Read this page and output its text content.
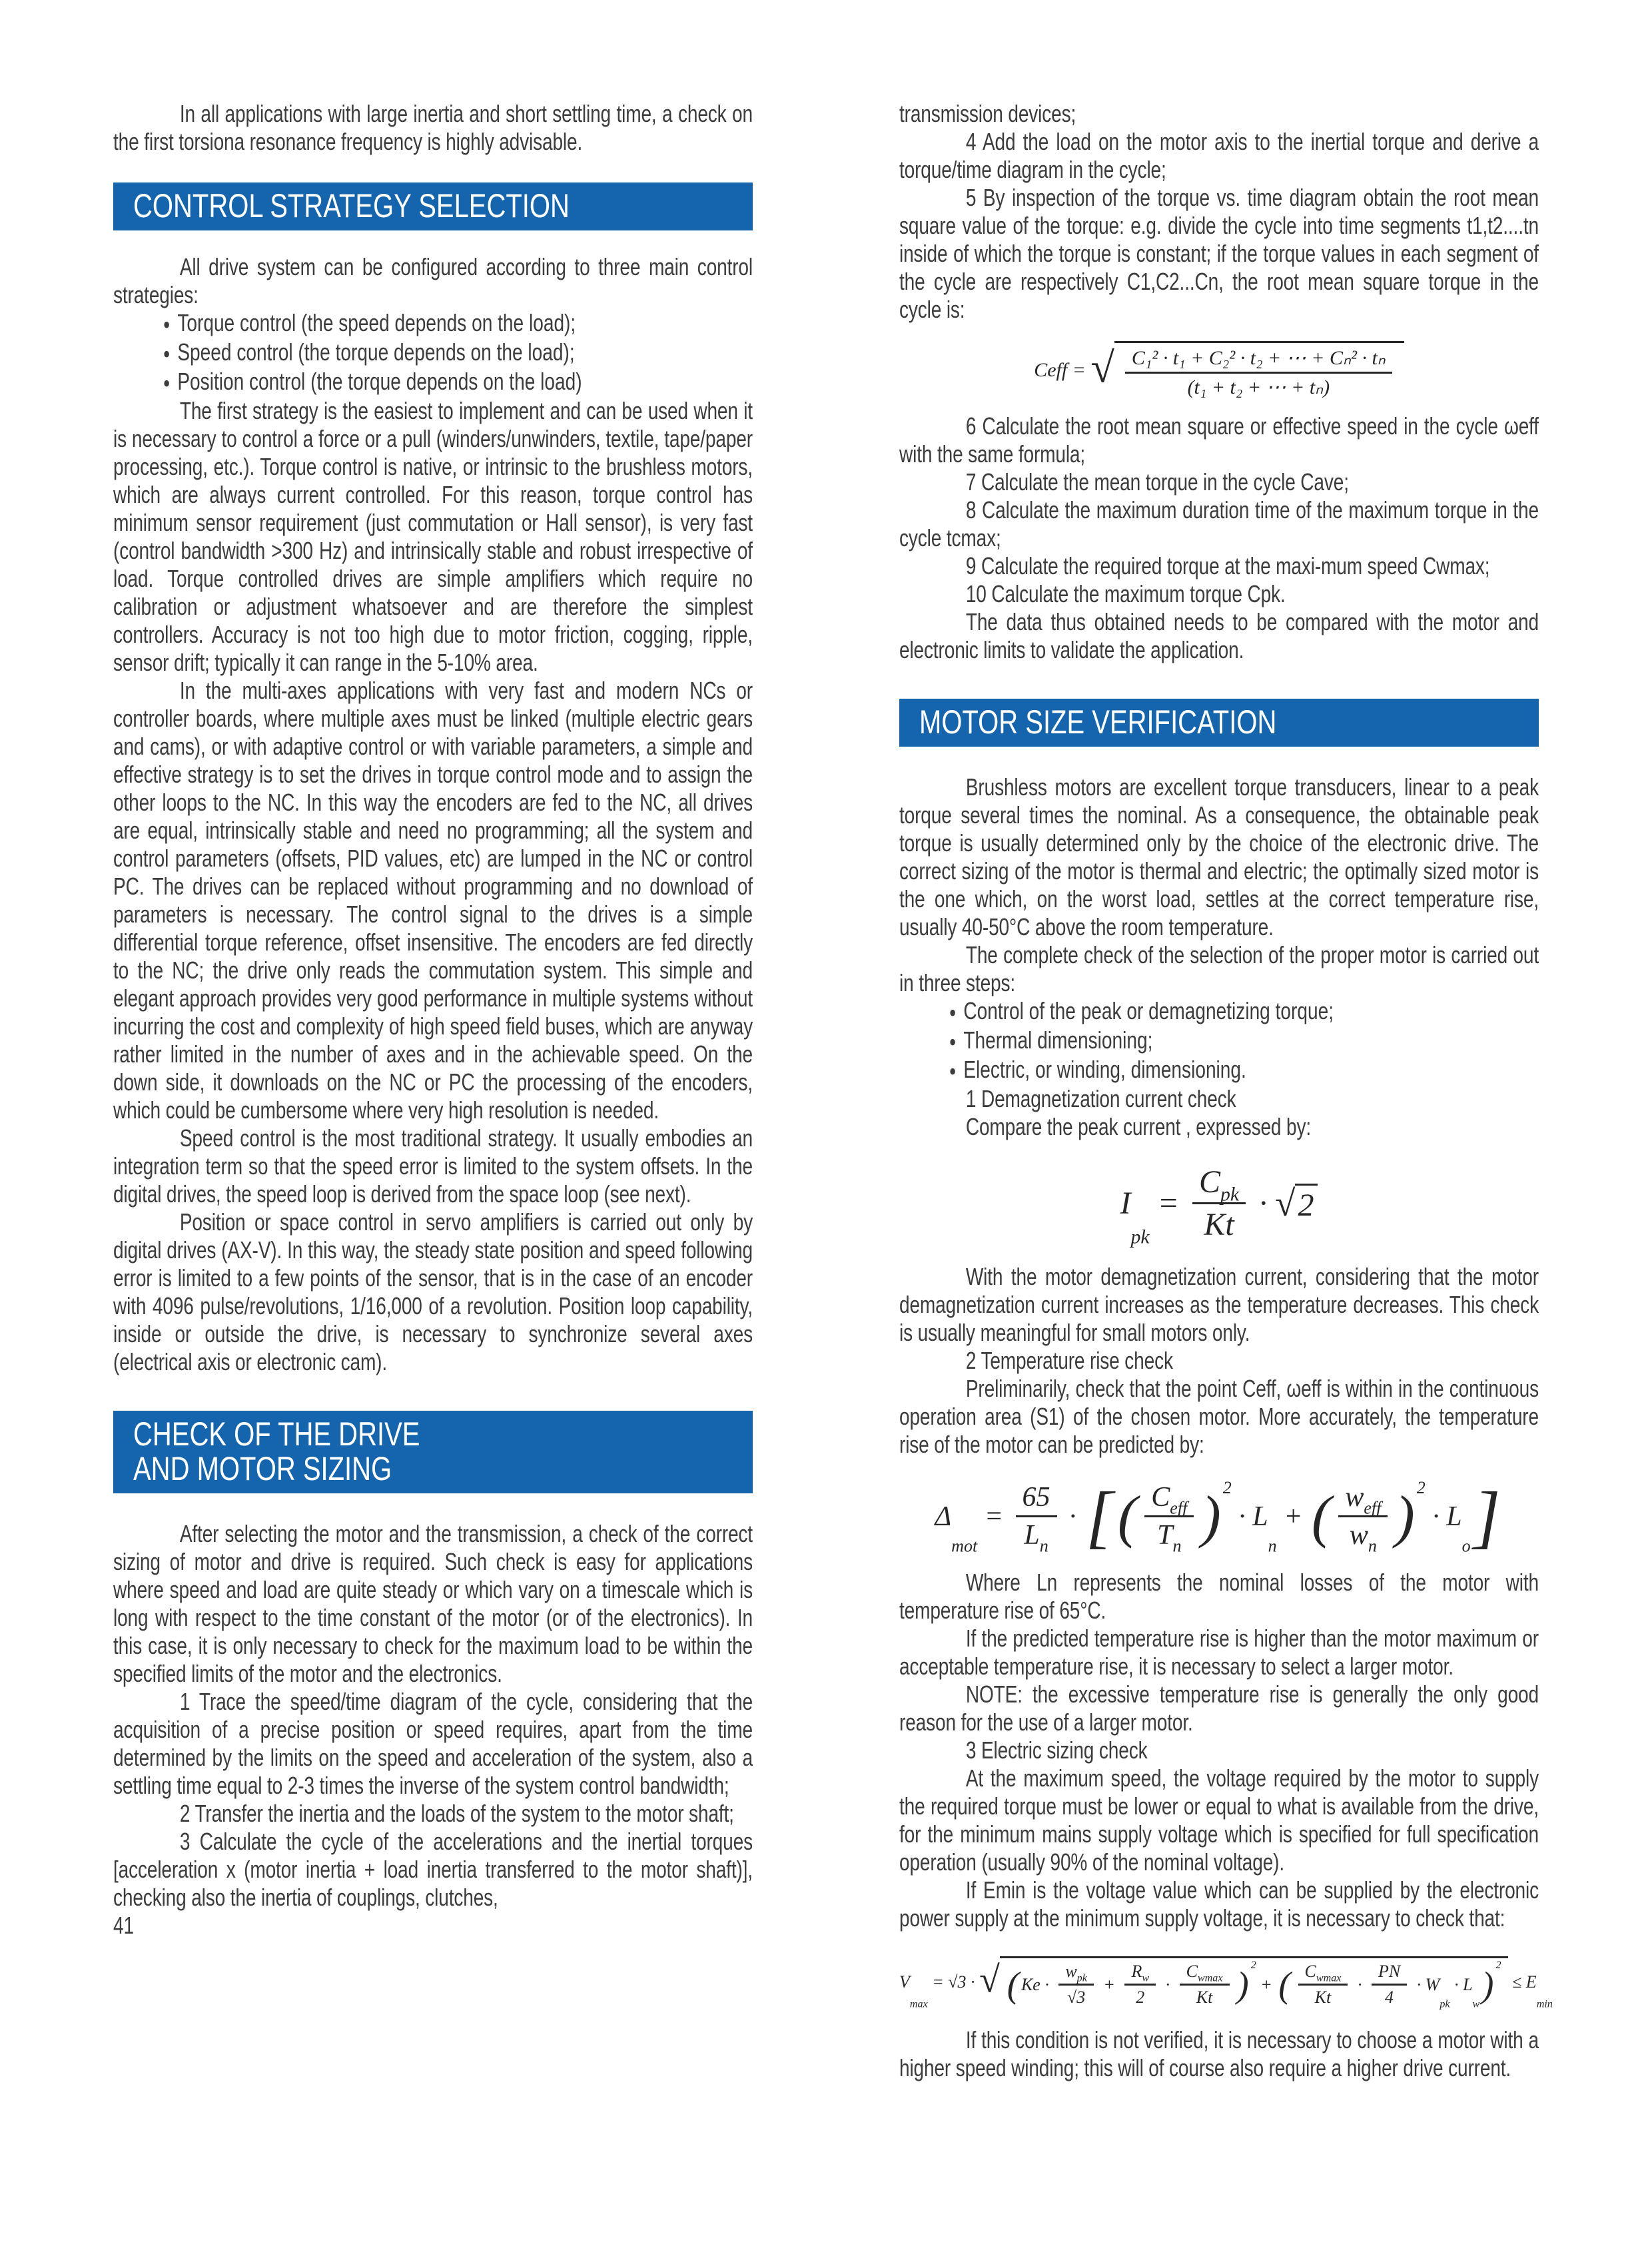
In all applications with large inertia and short settling time, a check on the first torsiona resonance frequency is highly advisable.

CONTROL STRATEGY SELECTION

All drive system can be configured according to three main control strategies:

● Torque control (the speed depends on the load);
● Speed control (the torque depends on the load);
● Position control (the torque depends on the load)

The first strategy is the easiest to implement and can be used when it is necessary to control a force or a pull (winders/unwinders, textile, tape/paper processing, etc.). Torque control is native, or intrinsic to the brushless motors, which are always current controlled. For this reason, torque control has minimum sensor requirement (just commutation or Hall sensor), is very fast (control bandwidth >300 Hz) and intrinsically stable and robust irrespective of load. Torque controlled drives are simple amplifiers which require no calibration or adjustment whatsoever and are therefore the simplest controllers. Accuracy is not too high due to motor friction, cogging, ripple, sensor drift; typically it can range in the 5-10% area.

In the multi-axes applications with very fast and modern NCs or controller boards, where multiple axes must be linked (multiple electric gears and cams), or with adaptive control or with variable parameters, a simple and effective strategy is to set the drives in torque control mode and to assign the other loops to the NC. In this way the encoders are fed to the NC, all drives are equal, intrinsically stable and need no programming; all the system and control parameters (offsets, PID values, etc) are lumped in the NC or control PC. The drives can be replaced without programming and no download of parameters is necessary. The control signal to the drives is a simple differential torque reference, offset insensitive. The encoders are fed directly to the NC; the drive only reads the commutation system. This simple and elegant approach provides very good performance in multiple systems without incurring the cost and complexity of high speed field buses, which are anyway rather limited in the number of axes and in the achievable speed. On the down side, it downloads on the NC or PC the processing of the encoders, which could be cumbersome where very high resolution is needed.

Speed control is the most traditional strategy. It usually embodies an integration term so that the speed error is limited to the system offsets. In the digital drives, the speed loop is derived from the space loop (see next).

Position or space control in servo amplifiers is carried out only by digital drives (AX-V). In this way, the steady state position and speed following error is limited to a few points of the sensor, that is in the case of an encoder with 4096 pulse/revolutions, 1/16,000 of a revolution. Position loop capability, inside or outside the drive, is necessary to synchronize several axes (electrical axis or electronic cam).

CHECK OF THE DRIVE
AND MOTOR SIZING

After selecting the motor and the transmission, a check of the correct sizing of motor and drive is required. Such check is easy for applications where speed and load are quite steady or which vary on a timescale which is long with respect to the time constant of the motor (or of the electronics). In this case, it is only necessary to check for the maximum load to be within the specified limits of the motor and the electronics.

1 Trace the speed/time diagram of the cycle, considering that the acquisition of a precise position or speed requires, apart from the time determined by the limits on the speed and acceleration of the system, also a settling time equal to 2-3 times the inverse of the system control bandwidth;

2 Transfer the inertia and the loads of the system to the motor shaft;

3 Calculate the cycle of the accelerations and the inertial torques [acceleration x (motor inertia + load inertia transferred to the motor shaft)], checking also the inertia of couplings, clutches,

41

transmission devices;

4 Add the load on the motor axis to the inertial torque and derive a torque/time diagram in the cycle;

5 By inspection of the torque vs. time diagram obtain the root mean square value of the torque: e.g. divide the cycle into time segments t1,t2....tn inside of which the torque is constant; if the torque values in each segment of the cycle are respectively C1,C2...Cn, the root mean square torque in the cycle is:

Ceff = √ $\frac{\text{C₁² · t₁ + C₂² · t₂ + ⋯ + Cₙ² · tₙ}}{\text{(t₁ + t₂ + ⋯ + tₙ)}}$

6 Calculate the root mean square or effective speed in the cycle ωeff with the same formula;

7 Calculate the mean torque in the cycle Cave;

8 Calculate the maximum duration time of the maximum torque in the cycle tcmax;

9 Calculate the required torque at the maxi-mum speed Cwmax;

10 Calculate the maximum torque Cpk.

The data thus obtained needs to be compared with the motor and electronic limits to validate the application.

MOTOR SIZE VERIFICATION

Brushless motors are excellent torque transducers, linear to a peak torque several times the nominal. As a consequence, the obtainable peak torque is usually determined only by the choice of the electronic drive. The correct sizing of the motor is thermal and electric; the optimally sized motor is the one which, on the worst load, settles at the correct temperature rise, usually 40-50°C above the room temperature.

The complete check of the selection of the proper motor is carried out in three steps:

● Control of the peak or demagnetizing torque;
● Thermal dimensioning;
● Electric, or winding, dimensioning.

1 Demagnetization current check

Compare the peak current , expressed by:

I
pk
= $\frac{C_{pk}}{Kt}$ · √ 2

With the motor demagnetization current, considering that the motor demagnetization current increases as the temperature decreases. This check is usually meaningful for small motors only.

2 Temperature rise check

Preliminarily, check that the point Ceff, ωeff is within in the continuous operation area (S1) of the chosen motor. More accurately, the temperature rise of the motor can be predicted by:

Δ
mot
= $\frac{65}{L_n}$ · [ ( $\frac{C_{eff}}{T_n} )^2$
· L
n
+ ( $\frac{w_{eff}}{w_n} )^2$
· L
o ]

Where Ln represents the nominal losses of the motor with temperature rise of 65°C.

If the predicted temperature rise is higher than the motor maximum or acceptable temperature rise, it is necessary to select a larger motor.

NOTE: the excessive temperature rise is generally the only good reason for the use of a larger motor.

3 Electric sizing check

At the maximum speed, the voltage required by the motor to supply the required torque must be lower or equal to what is available from the drive, for the minimum mains supply voltage which is specified for full specification operation (usually 90% of the nominal voltage).

If Emin is the voltage value which can be supplied by the electronic power supply at the minimum supply voltage, it is necessary to check that:

V
max
= √3 · √ ( $Ke \cdot \frac{w_{pk}}{√3} + \frac{R_w}{2} \cdot \frac{C_{wmax}}{Kt} )^2$
+ ( $\frac{C_{wmax}}{Kt} \cdot \frac{PN}{4} \cdot W$
pk
· L
w )$^2$
≤ E
min

If this condition is not verified, it is necessary to choose a motor with a higher speed winding; this will of course also require a higher drive current.
